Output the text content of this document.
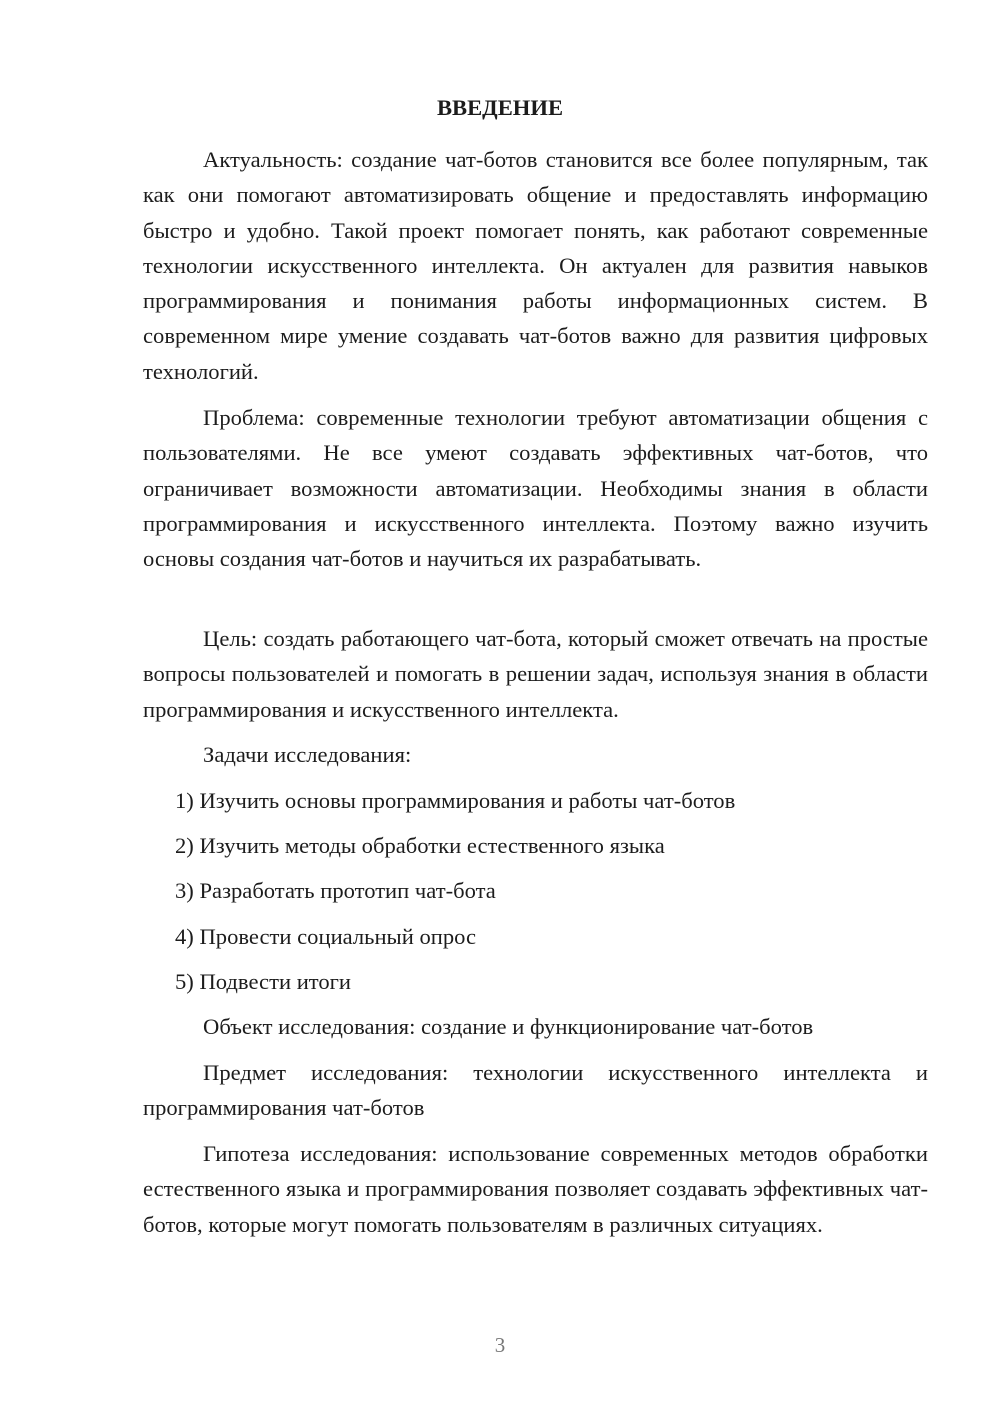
ВВЕДЕНИЕ

Актуальность: создание чат-ботов становится все более популярным, так как они помогают автоматизировать общение и предоставлять информацию быстро и удобно. Такой проект помогает понять, как работают современные технологии искусственного интеллекта. Он актуален для развития навыков программирования и понимания работы информационных систем. В современном мире умение создавать чат-ботов важно для развития цифровых технологий.

Проблема: современные технологии требуют автоматизации общения с пользователями. Не все умеют создавать эффективных чат-ботов, что ограничивает возможности автоматизации. Необходимы знания в области программирования и искусственного интеллекта. Поэтому важно изучить основы создания чат-ботов и научиться их разрабатывать.

Цель: создать работающего чат-бота, который сможет отвечать на простые вопросы пользователей и помогать в решении задач, используя знания в области программирования и искусственного интеллекта.

Задачи исследования:

1) Изучить основы программирования и работы чат-ботов

2) Изучить методы обработки естественного языка

3) Разработать прототип чат-бота

4) Провести социальный опрос

5) Подвести итоги

Объект исследования: создание и функционирование чат-ботов

Предмет исследования: технологии искусственного интеллекта и программирования чат-ботов

Гипотеза исследования: использование современных методов обработки естественного языка и программирования позволяет создавать эффективных чат-ботов, которые могут помогать пользователям в различных ситуациях.

3
